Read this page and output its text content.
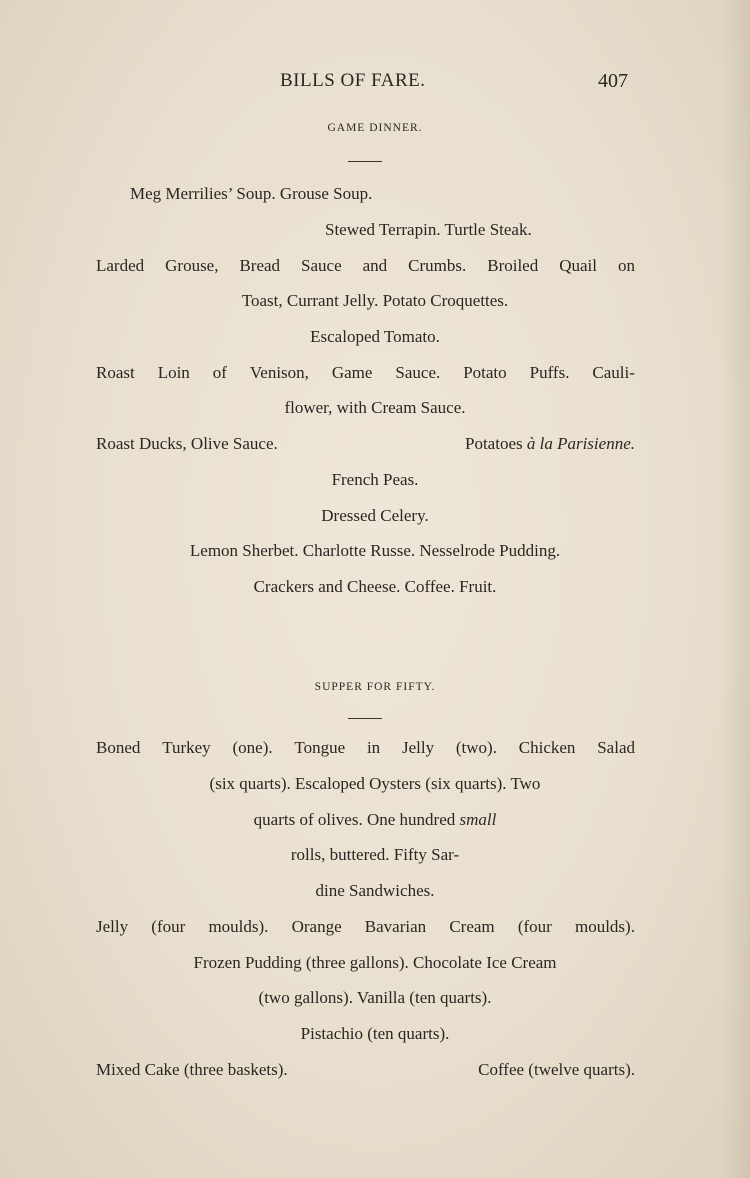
BILLS OF FARE.	407
GAME DINNER.
Meg Merrilies’ Soup. Grouse Soup.
Stewed Terrapin. Turtle Steak.
Larded Grouse, Bread Sauce and Crumbs. Broiled Quail on
Toast, Currant Jelly. Potato Croquettes.
Escaloped Tomato.
Roast Loin of Venison, Game Sauce. Potato Puffs. Cauli-
flower, with Cream Sauce.
Roast Ducks, Olive Sauce.	Potatoes à la Parisienne.
French Peas.
Dressed Celery.
Lemon Sherbet. Charlotte Russe. Nesselrode Pudding.
Crackers and Cheese. Coffee. Fruit.
SUPPER FOR FIFTY.
Boned Turkey (one). Tongue in Jelly (two). Chicken Salad
(six quarts). Escaloped Oysters (six quarts). Two
quarts of olives. One hundred small
rolls, buttered. Fifty Sar-
dine Sandwiches.
Jelly (four moulds). Orange Bavarian Cream (four moulds).
Frozen Pudding (three gallons). Chocolate Ice Cream
(two gallons). Vanilla (ten quarts).
Pistachio (ten quarts).
Mixed Cake (three baskets).	Coffee (twelve quarts).
